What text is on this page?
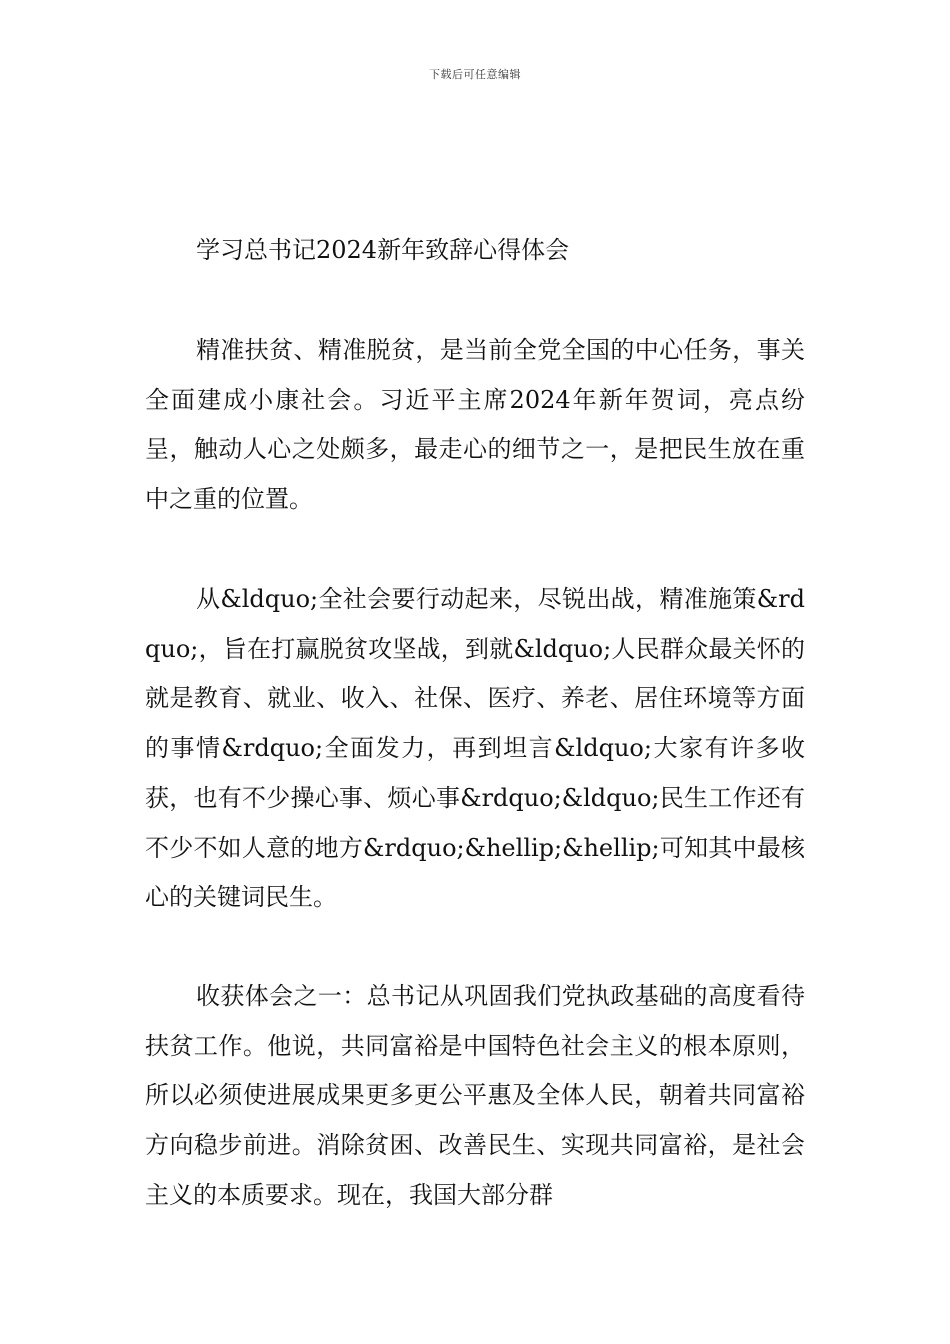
下载后可任意编辑
学习总书记2024新年致辞心得体会

精准扶贫、精准脱贫，是当前全党全国的中心任务，事关全面建成小康社会。习近平主席2024年新年贺词，亮点纷呈，触动人心之处颇多，最走心的细节之一，是把民生放在重中之重的位置。

从&ldquo;全社会要行动起来，尽锐出战，精准施策&rdquo;，旨在打赢脱贫攻坚战，到就&ldquo;人民群众最关怀的就是教育、就业、收入、社保、医疗、养老、居住环境等方面的事情&rdquo;全面发力，再到坦言&ldquo;大家有许多收获，也有不少操心事、烦心事&rdquo;&ldquo;民生工作还有不少不如人意的地方&rdquo;&hellip;&hellip;可知其中最核心的关键词民生。

收获体会之一：总书记从巩固我们党执政基础的高度看待扶贫工作。他说，共同富裕是中国特色社会主义的根本原则，所以必须使进展成果更多更公平惠及全体人民，朝着共同富裕方向稳步前进。消除贫困、改善民生、实现共同富裕，是社会主义的本质要求。现在，我国大部分群
